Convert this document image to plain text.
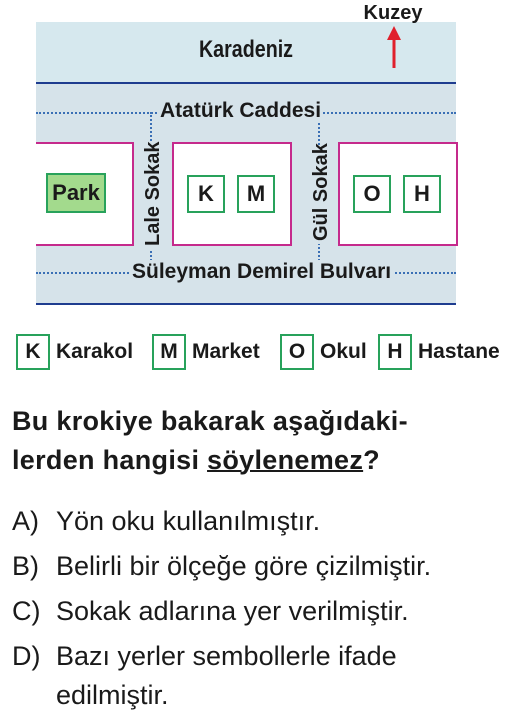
Karadeniz
Kuzey
Park	K	M	O	H
Atatürk Caddesi
Süleyman Demirel Bulvarı
Lale Sokak	Gül Sokak
K Karakol	M Market	O Okul H Hastane
Bu krokiye bakarak aşağıdaki-
lerden hangisi söylenemez?
A) Yön oku kullanılmıştır.
B) Belirli bir ölçeğe göre çizilmiştir.
C) Sokak adlarına yer verilmiştir.
D) Bazı yerler sembollerle ifade
edilmiştir.
